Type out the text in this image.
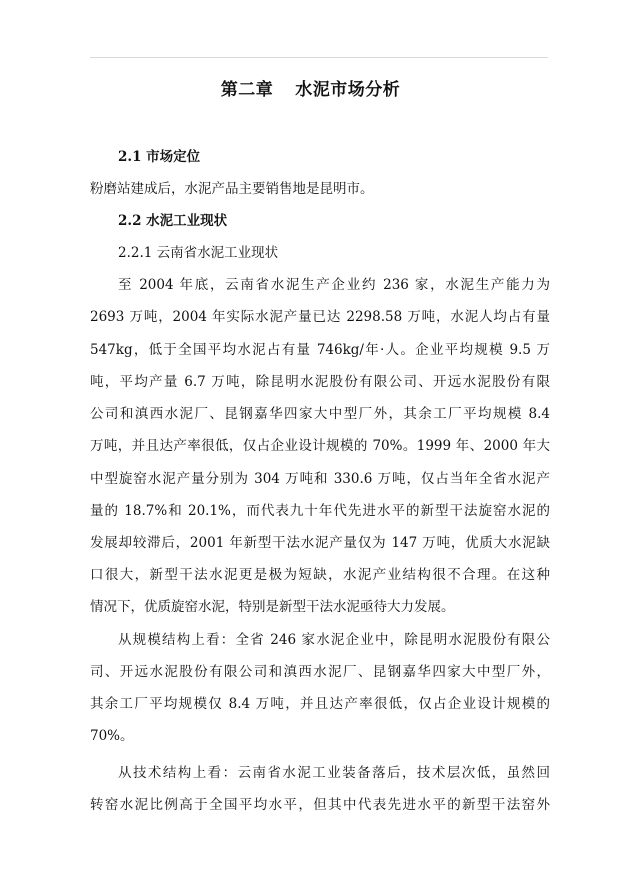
第二章 水泥市场分析
2.1 市场定位
粉磨站建成后，水泥产品主要销售地是昆明市。
2.2 水泥工业现状
2.2.1 云南省水泥工业现状
至 2004 年底，云南省水泥生产企业约 236 家，水泥生产能力为
2693 万吨，2004 年实际水泥产量已达 2298.58 万吨，水泥人均占有量
547kg，低于全国平均水泥占有量 746kg/年·人。企业平均规模 9.5 万
吨，平均产量 6.7 万吨，除昆明水泥股份有限公司、开远水泥股份有限
公司和滇西水泥厂、昆钢嘉华四家大中型厂外，其余工厂平均规模 8.4
万吨，并且达产率很低，仅占企业设计规模的 70%。1999 年、2000 年大
中型旋窑水泥产量分别为 304 万吨和 330.6 万吨，仅占当年全省水泥产
量的 18.7%和 20.1%，而代表九十年代先进水平的新型干法旋窑水泥的
发展却较滞后，2001 年新型干法水泥产量仅为 147 万吨，优质大水泥缺
口很大，新型干法水泥更是极为短缺，水泥产业结构很不合理。在这种
情况下，优质旋窑水泥，特别是新型干法水泥亟待大力发展。
从规模结构上看：全省 246 家水泥企业中，除昆明水泥股份有限公
司、开远水泥股份有限公司和滇西水泥厂、昆钢嘉华四家大中型厂外，
其余工厂平均规模仅 8.4 万吨，并且达产率很低，仅占企业设计规模的
70%。
从技术结构上看：云南省水泥工业装备落后，技术层次低，虽然回
转窑水泥比例高于全国平均水平，但其中代表先进水平的新型干法窑外
